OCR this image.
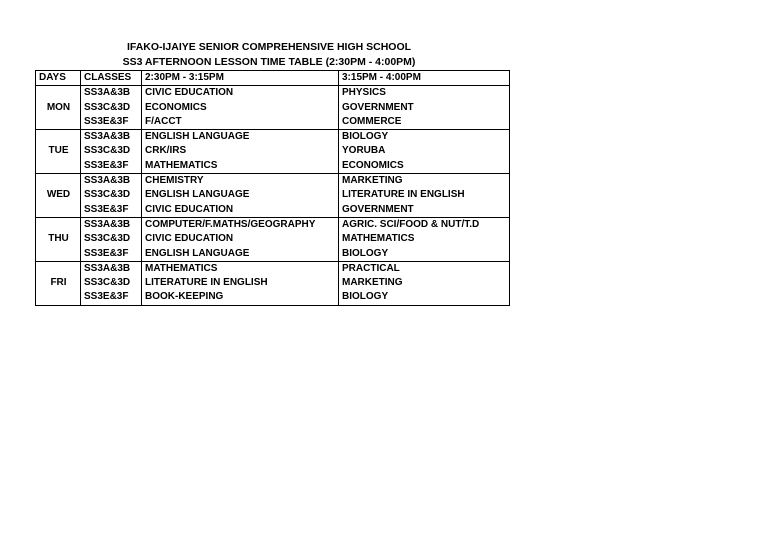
IFAKO-IJAIYE SENIOR COMPREHENSIVE HIGH SCHOOL
SS3 AFTERNOON LESSON TIME TABLE (2:30PM - 4:00PM)
DAYS	CLASSES	2:30PM - 3:15PM	3:15PM - 4:00PM
MON	SS3A&3B	CIVIC EDUCATION	PHYSICS
	SS3C&3D	ECONOMICS	GOVERNMENT
	SS3E&3F	F/ACCT	COMMERCE
TUE	SS3A&3B	ENGLISH LANGUAGE	BIOLOGY
	SS3C&3D	CRK/IRS	YORUBA
	SS3E&3F	MATHEMATICS	ECONOMICS
WED	SS3A&3B	CHEMISTRY	MARKETING
	SS3C&3D	ENGLISH LANGUAGE	LITERATURE IN ENGLISH
	SS3E&3F	CIVIC EDUCATION	GOVERNMENT
THU	SS3A&3B	COMPUTER/F.MATHS/GEOGRAPHY	AGRIC. SCI/FOOD & NUT/T.D
	SS3C&3D	CIVIC EDUCATION	MATHEMATICS
	SS3E&3F	ENGLISH LANGUAGE	BIOLOGY
FRI	SS3A&3B	MATHEMATICS	PRACTICAL
	SS3C&3D	LITERATURE IN ENGLISH	MARKETING
	SS3E&3F	BOOK-KEEPING	BIOLOGY
